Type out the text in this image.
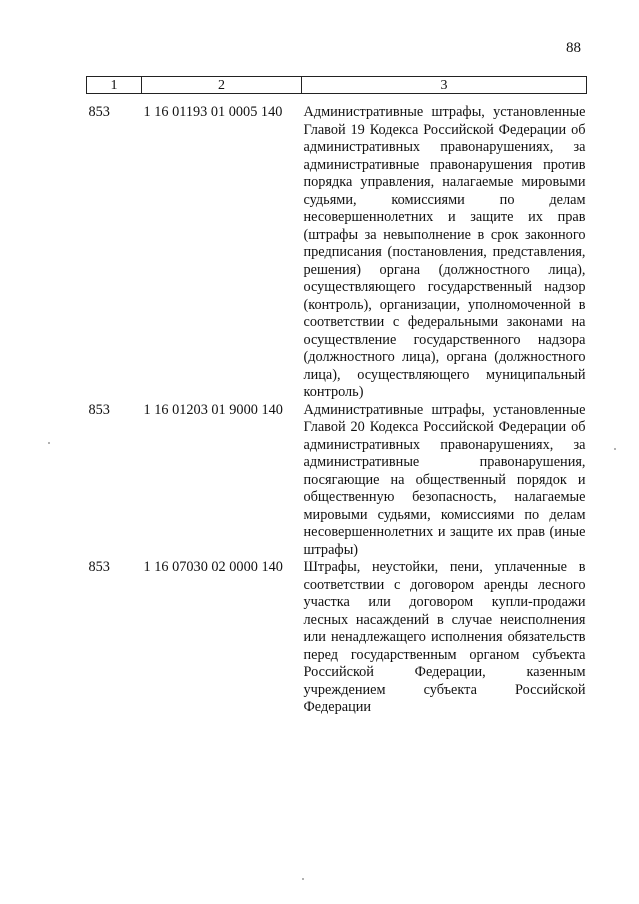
88
1	2	3

853	1 16 01193 01 0005 140	Административные штрафы, установленные Главой 19 Кодекса Российской Федерации об административных правонарушениях, за административные правонарушения против порядка управления, налагаемые мировыми судьями, комиссиями по делам несовершеннолетних и защите их прав (штрафы за невыполнение в срок законного предписания (постановления, представления, решения) органа (должностного лица), осуществляющего государственный надзор (контроль), организации, уполномоченной в соответствии с федеральными законами на осуществление государственного надзора (должностного лица), органа (должностного лица), осуществляющего муниципальный контроль)

853	1 16 01203 01 9000 140	Административные штрафы, установленные Главой 20 Кодекса Российской Федерации об административных правонарушениях, за административные правонарушения, посягающие на общественный порядок и общественную безопасность, налагаемые мировыми судьями, комиссиями по делам несовершеннолетних и защите их прав (иные штрафы)

853	1 16 07030 02 0000 140	Штрафы, неустойки, пени, уплаченные в соответствии с договором аренды лесного участка или договором купли-продажи лесных насаждений в случае неисполнения или ненадлежащего исполнения обязательств перед государственным органом субъекта Российской Федерации, казенным учреждением субъекта Российской Федерации
